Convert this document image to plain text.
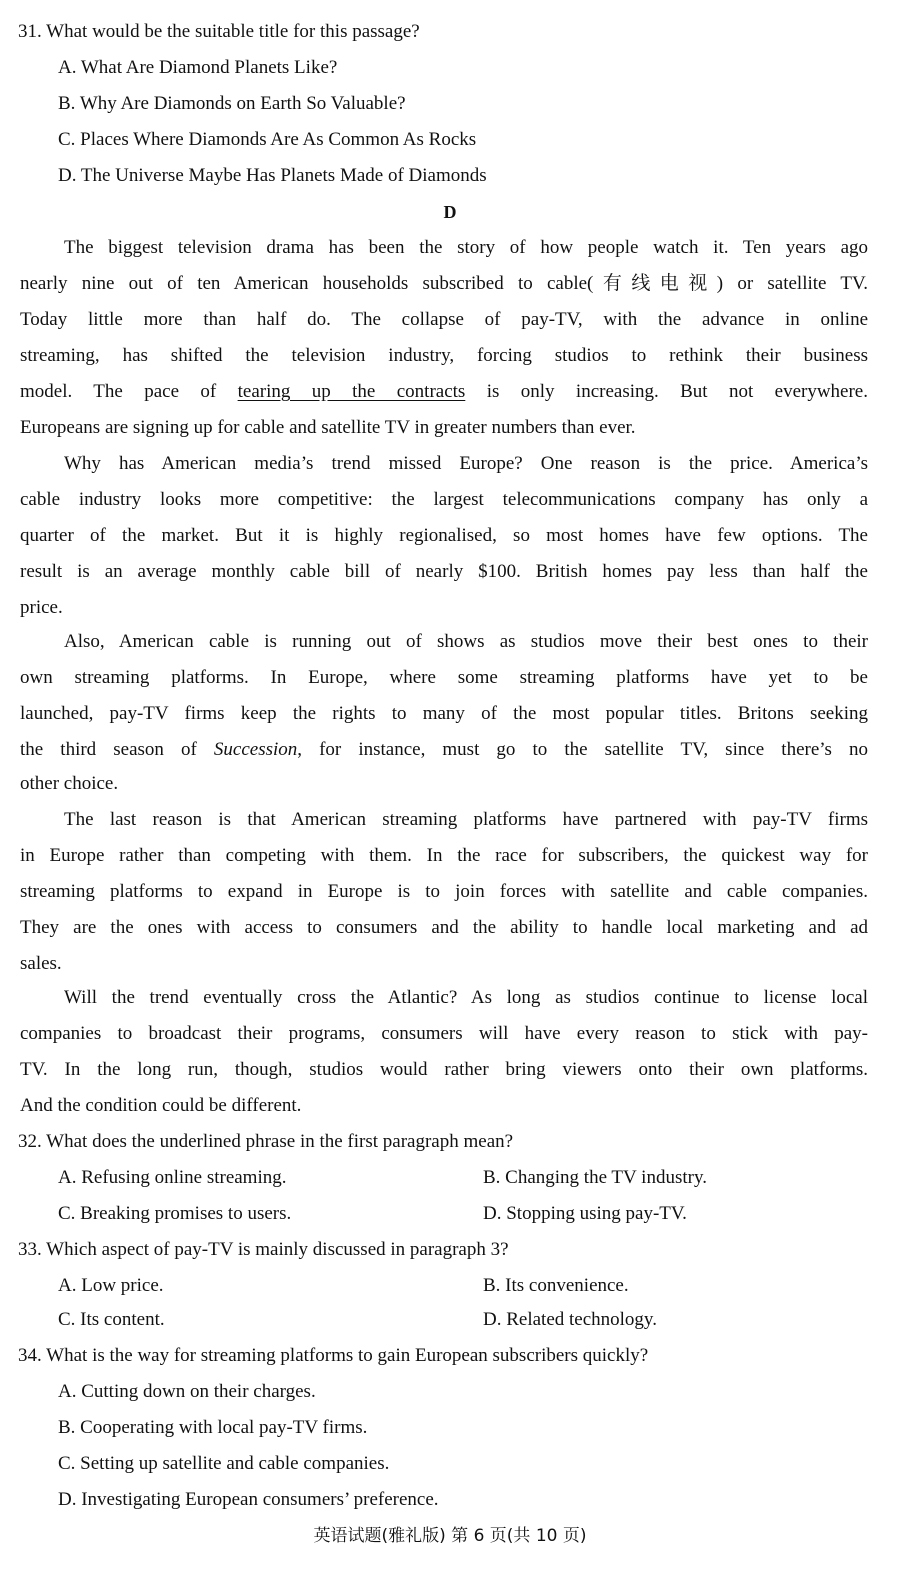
31. What would be the suitable title for this passage?
A. What Are Diamond Planets Like?
B. Why Are Diamonds on Earth So Valuable?
C. Places Where Diamonds Are As Common As Rocks
D. The Universe Maybe Has Planets Made of Diamonds
D
The biggest television drama has been the story of how people watch it. Ten years ago
nearly nine out of ten American households subscribed to cable(有线电视) or satellite TV.
Today little more than half do. The collapse of pay-TV, with the advance in online
streaming, has shifted the television industry, forcing studios to rethink their business
model. The pace of tearing up the contracts is only increasing. But not everywhere.
Europeans are signing up for cable and satellite TV in greater numbers than ever.
Why has American media’s trend missed Europe? One reason is the price. America’s
cable industry looks more competitive: the largest telecommunications company has only a
quarter of the market. But it is highly regionalised, so most homes have few options. The
result is an average monthly cable bill of nearly $100. British homes pay less than half the
price.
Also, American cable is running out of shows as studios move their best ones to their
own streaming platforms. In Europe, where some streaming platforms have yet to be
launched, pay-TV firms keep the rights to many of the most popular titles. Britons seeking
the third season of Succession, for instance, must go to the satellite TV, since there’s no
other choice.
The last reason is that American streaming platforms have partnered with pay-TV firms
in Europe rather than competing with them. In the race for subscribers, the quickest way for
streaming platforms to expand in Europe is to join forces with satellite and cable companies.
They are the ones with access to consumers and the ability to handle local marketing and ad
sales.
Will the trend eventually cross the Atlantic? As long as studios continue to license local
companies to broadcast their programs, consumers will have every reason to stick with pay-
TV. In the long run, though, studios would rather bring viewers onto their own platforms.
And the condition could be different.
32. What does the underlined phrase in the first paragraph mean?
A. Refusing online streaming.	B. Changing the TV industry.
C. Breaking promises to users.	D. Stopping using pay-TV.
33. Which aspect of pay-TV is mainly discussed in paragraph 3?
A. Low price.	B. Its convenience.
C. Its content.	D. Related technology.
34. What is the way for streaming platforms to gain European subscribers quickly?
A. Cutting down on their charges.
B. Cooperating with local pay-TV firms.
C. Setting up satellite and cable companies.
D. Investigating European consumers’ preference.
英语试题(雅礼版) 第 6 页(共 10 页)
